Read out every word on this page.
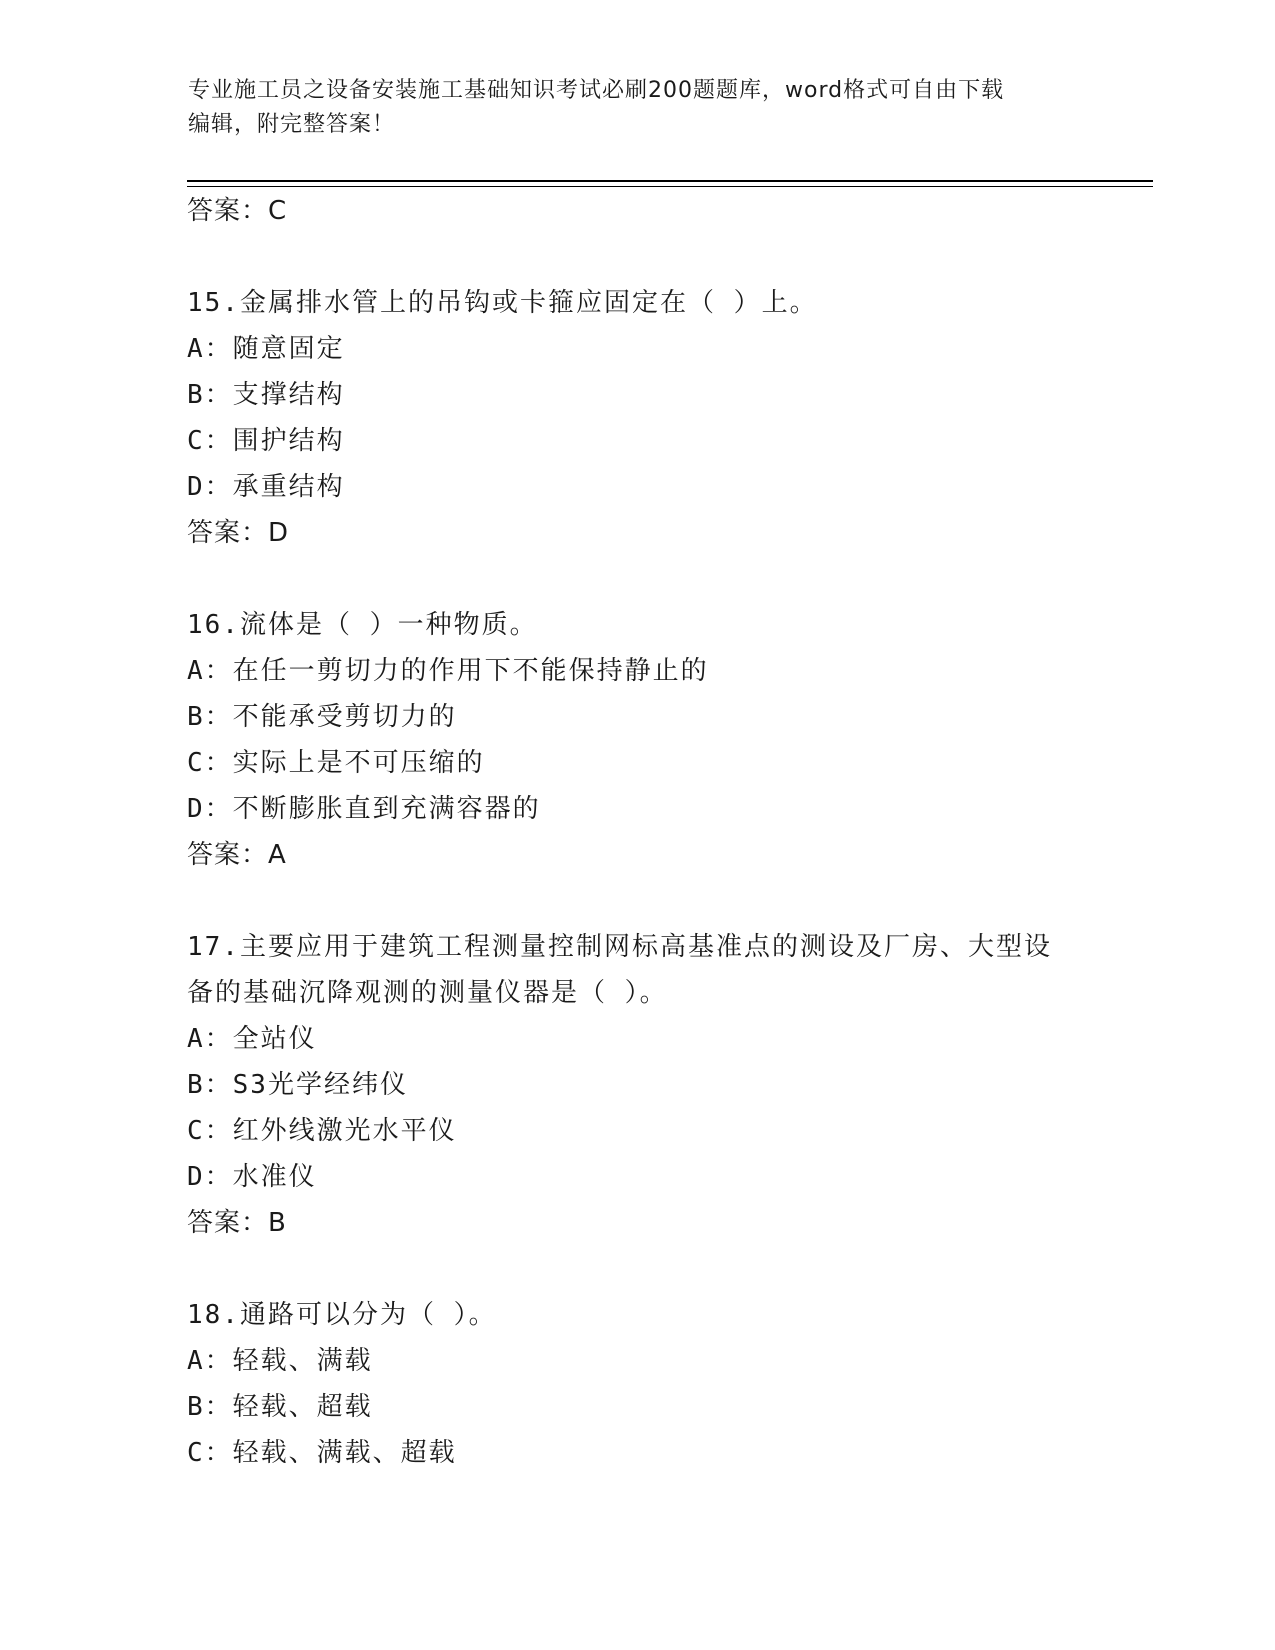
专业施工员之设备安装施工基础知识考试必刷200题题库，word格式可自由下载
编辑，附完整答案！
答案：C
15.金属排水管上的吊钩或卡箍应固定在（ ）上。
A：随意固定
B：支撑结构
C：围护结构
D：承重结构
答案：D
16.流体是（ ）一种物质。
A：在任一剪切力的作用下不能保持静止的
B：不能承受剪切力的
C：实际上是不可压缩的
D：不断膨胀直到充满容器的
答案：A
17.主要应用于建筑工程测量控制网标高基准点的测设及厂房、大型设
备的基础沉降观测的测量仪器是（ ）。
A：全站仪
B：S3光学经纬仪
C：红外线激光水平仪
D：水准仪
答案：B
18.通路可以分为（ ）。
A：轻载、满载
B：轻载、超载
C：轻载、满载、超载
